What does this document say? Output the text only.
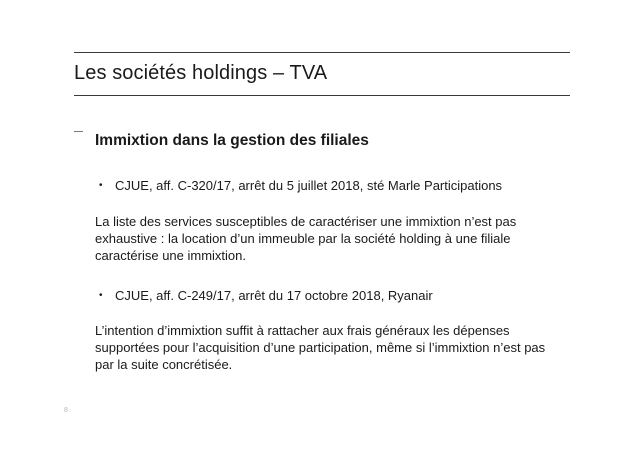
Les sociétés holdings – TVA
Immixtion dans la gestion des filiales
• CJUE, aff. C-320/17, arrêt du 5 juillet 2018, sté Marle Participations
La liste des services susceptibles de caractériser une immixtion n’est pas
exhaustive : la location d’un immeuble par la société holding à une filiale
caractérise une immixtion.
• CJUE, aff. C-249/17, arrêt du 17 octobre 2018, Ryanair
L’intention d’immixtion suffit à rattacher aux frais généraux les dépenses
supportées pour l’acquisition d’une participation, même si l’immixtion n’est pas
par la suite concrétisée.
8
